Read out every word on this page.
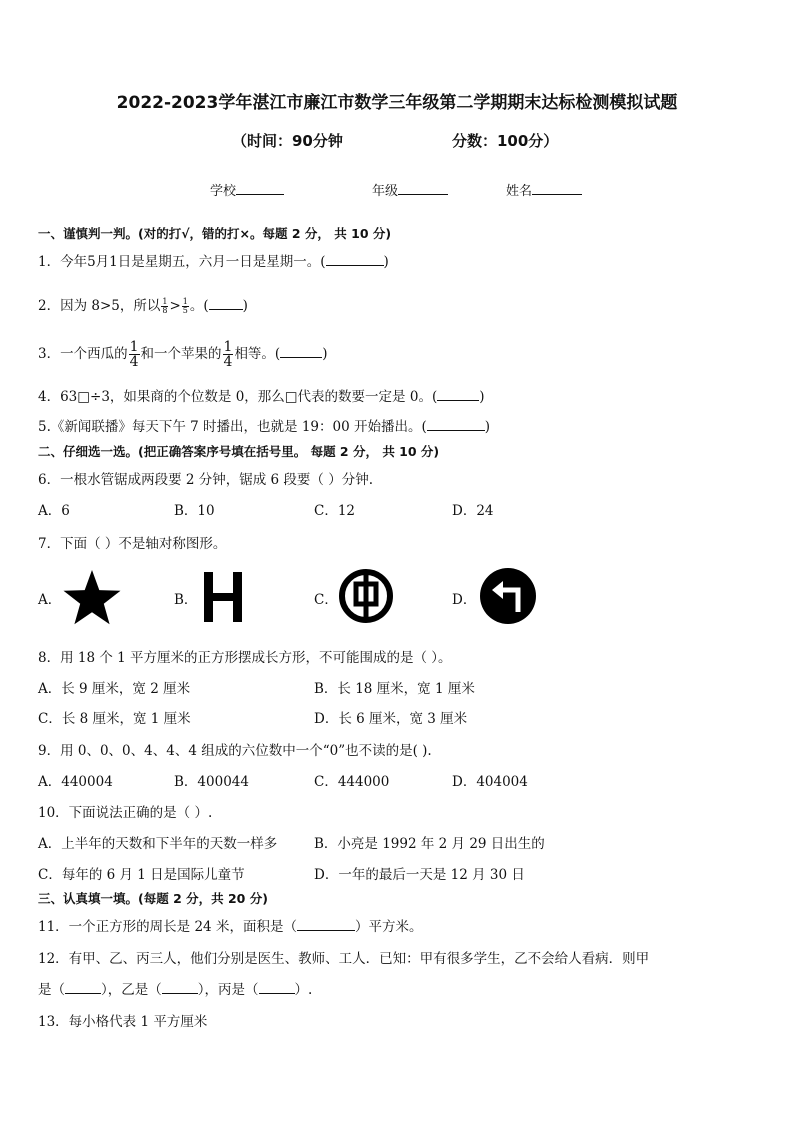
2022-2023学年湛江市廉江市数学三年级第二学期期末达标检测模拟试题
（时间：90分钟	分数：100分）
学校	年级	姓名
一、谨慎判一判。(对的打√，错的打×。每题 2 分， 共 10 分)
1．今年5月1日是星期五，六月一日是星期一。(	)
2．因为 8>5，所以 $\frac{1}{8} > \frac{1}{5}$ 。(	)
3．一个西瓜的 $\frac{1}{4}$ 和一个苹果的 $\frac{1}{4}$ 相等。(	)
4．63□÷3，如果商的个位数是 0，那么□代表的数要一定是 0。(	)
5.《新闻联播》每天下午 7 时播出，也就是 19：00 开始播出。(	)
二、仔细选一选。(把正确答案序号填在括号里。 每题 2 分， 共 10 分)
6．一根水管锯成两段要 2 分钟，锯成 6 段要（ ）分钟.
A．6	B．10	C．12	D．24
7．下面（ ）不是轴对称图形。
A．	B．	C．	D．
8．用 18 个 1 平方厘米的正方形摆成长方形，不可能围成的是（ ）。
A．长 9 厘米，宽 2 厘米	B．长 18 厘米，宽 1 厘米
C．长 8 厘米，宽 1 厘米	D．长 6 厘米，宽 3 厘米
9．用 0、0、0、4、4、4 组成的六位数中一个“0”也不读的是( ).
A．440004	B．400044	C．444000	D．404004
10．下面说法正确的是（ ）.
A．上半年的天数和下半年的天数一样多	B．小亮是 1992 年 2 月 29 日出生的
C．每年的 6 月 1 日是国际儿童节	D．一年的最后一天是 12 月 30 日
三、认真填一填。(每题 2 分，共 20 分)
11．一个正方形的周长是 24 米，面积是（	）平方米。
12．有甲、乙、丙三人，他们分别是医生、教师、工人．已知：甲有很多学生，乙不会给人看病．则甲
是（	），乙是（	），丙是（	）.
13．每小格代表 1 平方厘米
